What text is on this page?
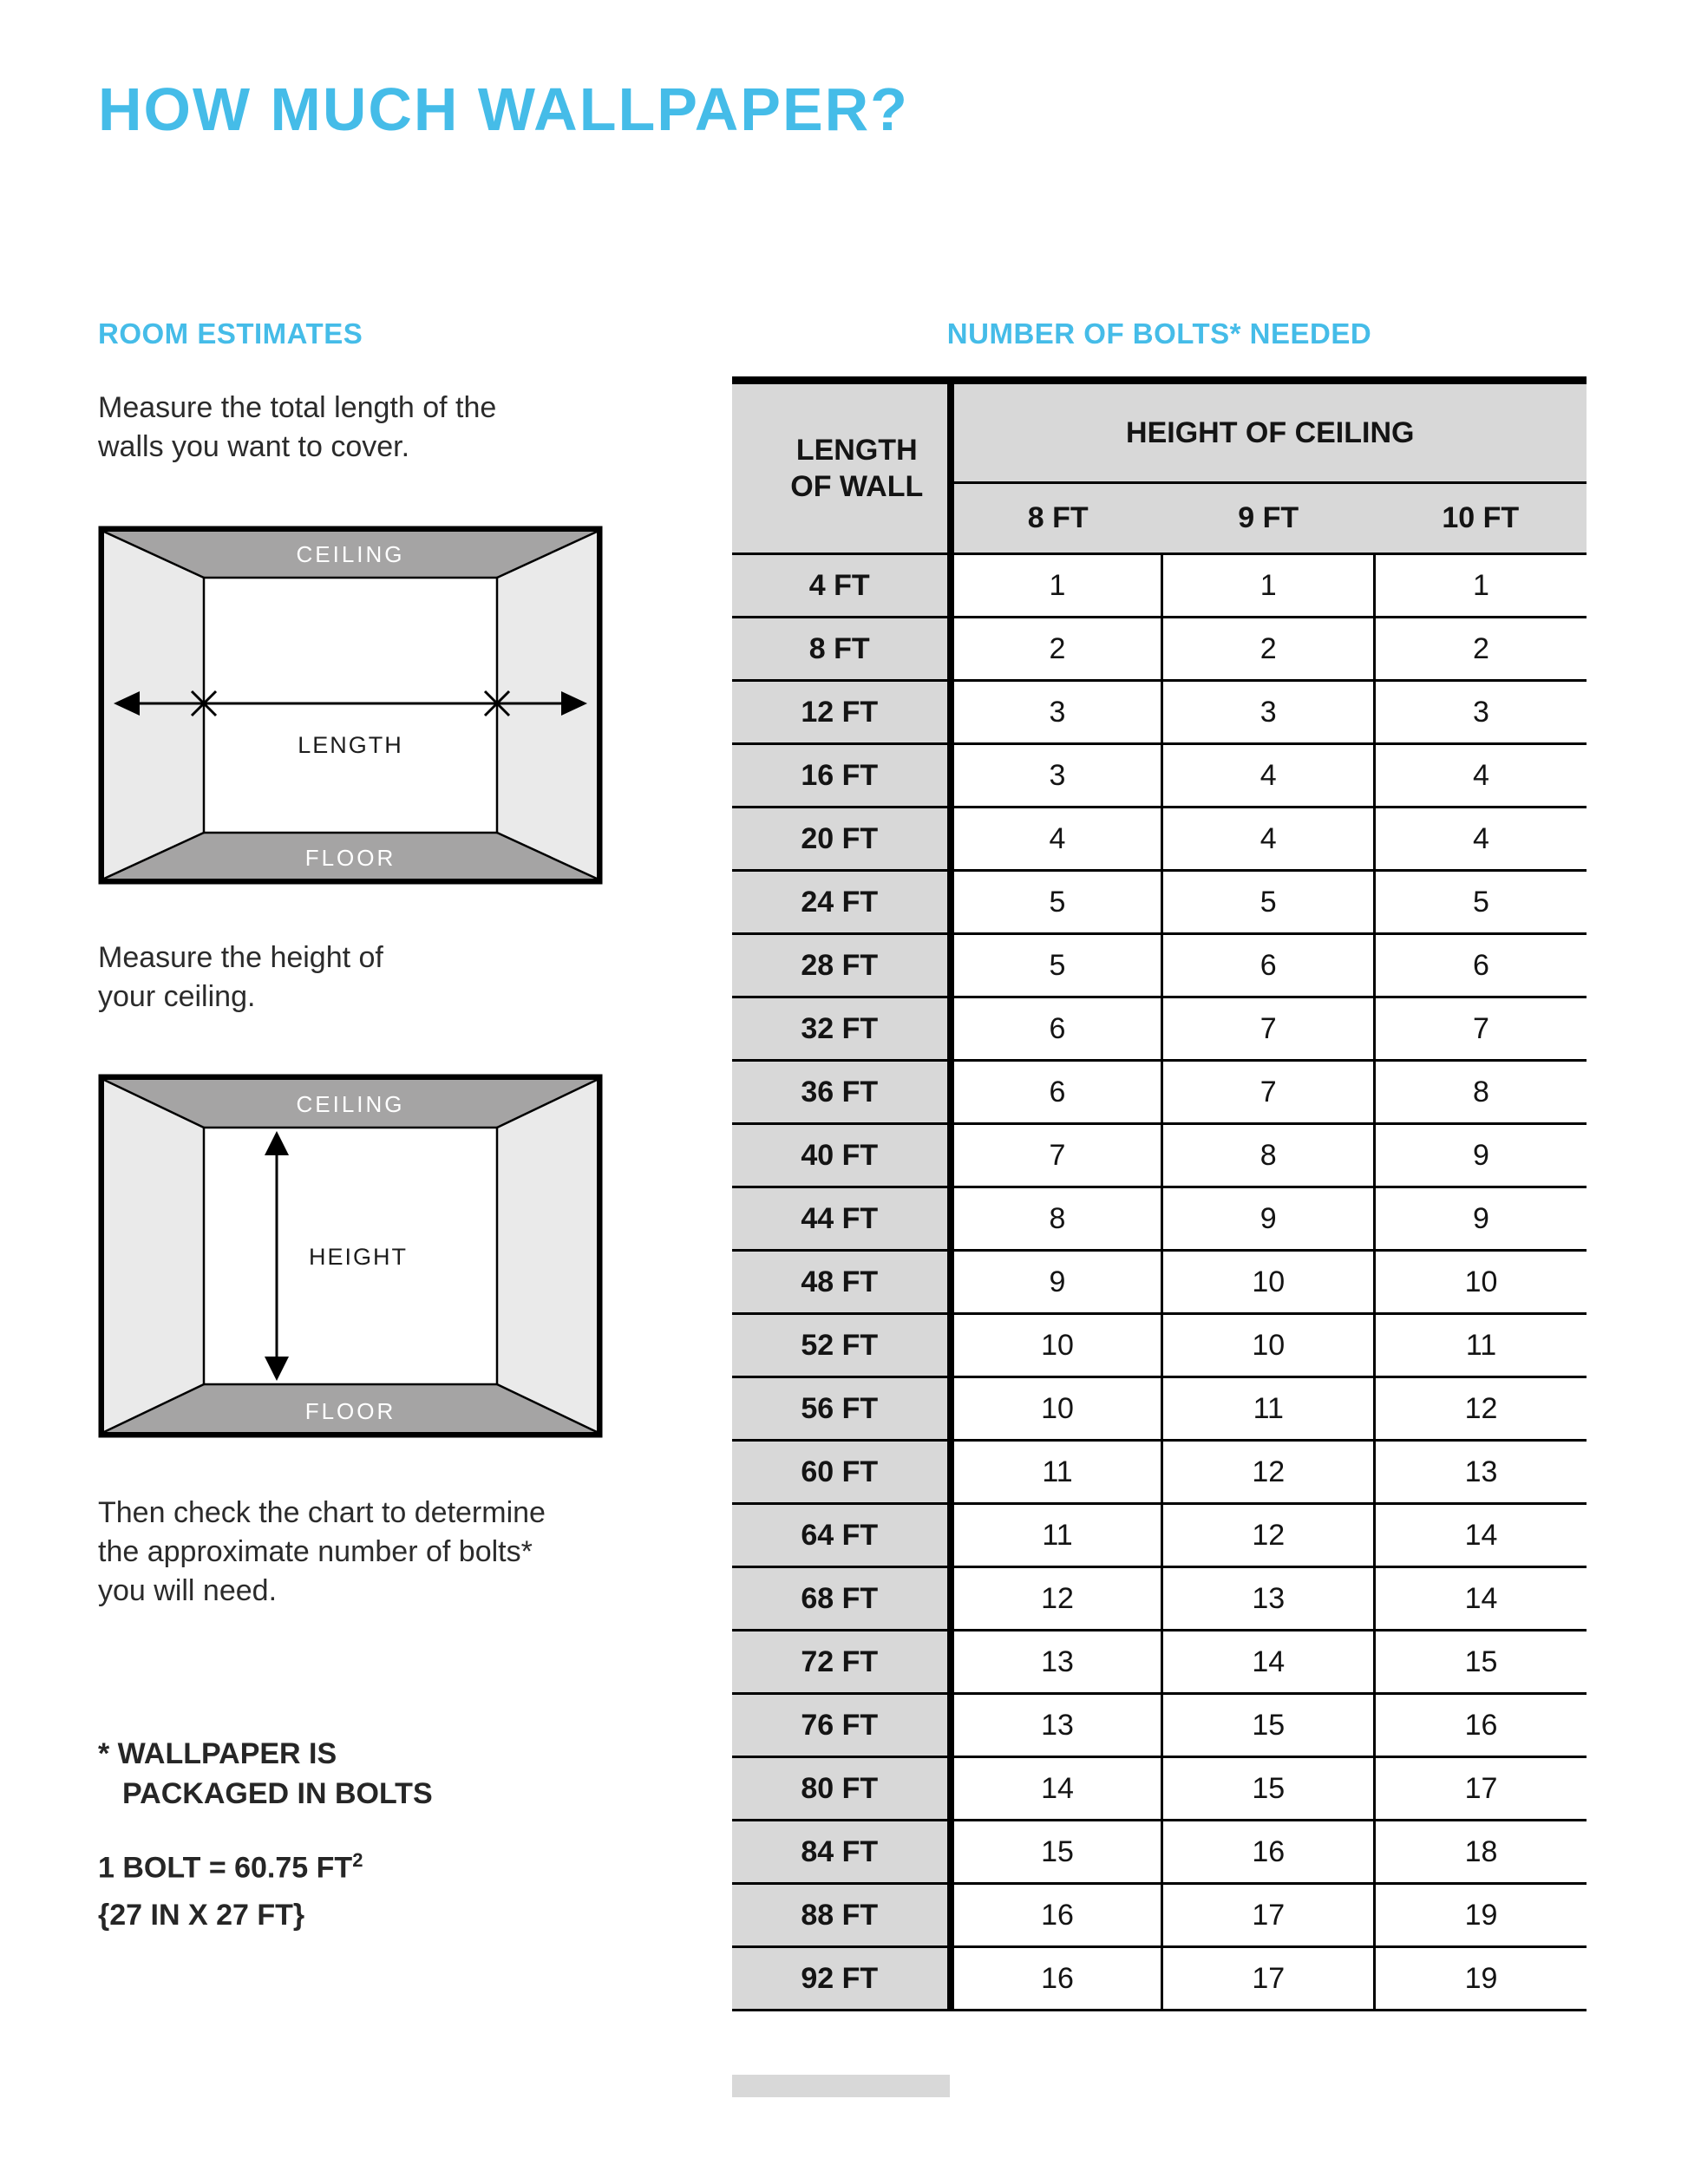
HOW MUCH WALLPAPER?
ROOM ESTIMATES

Measure the total length of the walls you want to cover.

CEILING
FLOOR
LENGTH

Measure the height of your ceiling.

CEILING
FLOOR
HEIGHT

Then check the chart to determine the approximate number of bolts* you will need.

* WALLPAPER IS
PACKAGED IN BOLTS
1 BOLT = 60.75 $FT^2$
{27 IN X 27 FT}
NUMBER OF BOLTS* NEEDED
LENGTH
OF WALL	HEIGHT OF CEILING		
	8 FT	9 FT	10 FT
4 FT	1	1	1
8 FT	2	2	2
12 FT	3	3	3
16 FT	3	4	4
20 FT	4	4	4
24 FT	5	5	5
28 FT	5	6	6
32 FT	6	7	7
36 FT	6	7	8
40 FT	7	8	9
44 FT	8	9	9
48 FT	9	10	10
52 FT	10	10	11
56 FT	10	11	12
60 FT	11	12	13
64 FT	11	12	14
68 FT	12	13	14
72 FT	13	14	15
76 FT	13	15	16
80 FT	14	15	17
84 FT	15	16	18
88 FT	16	17	19
92 FT	16	17	19
